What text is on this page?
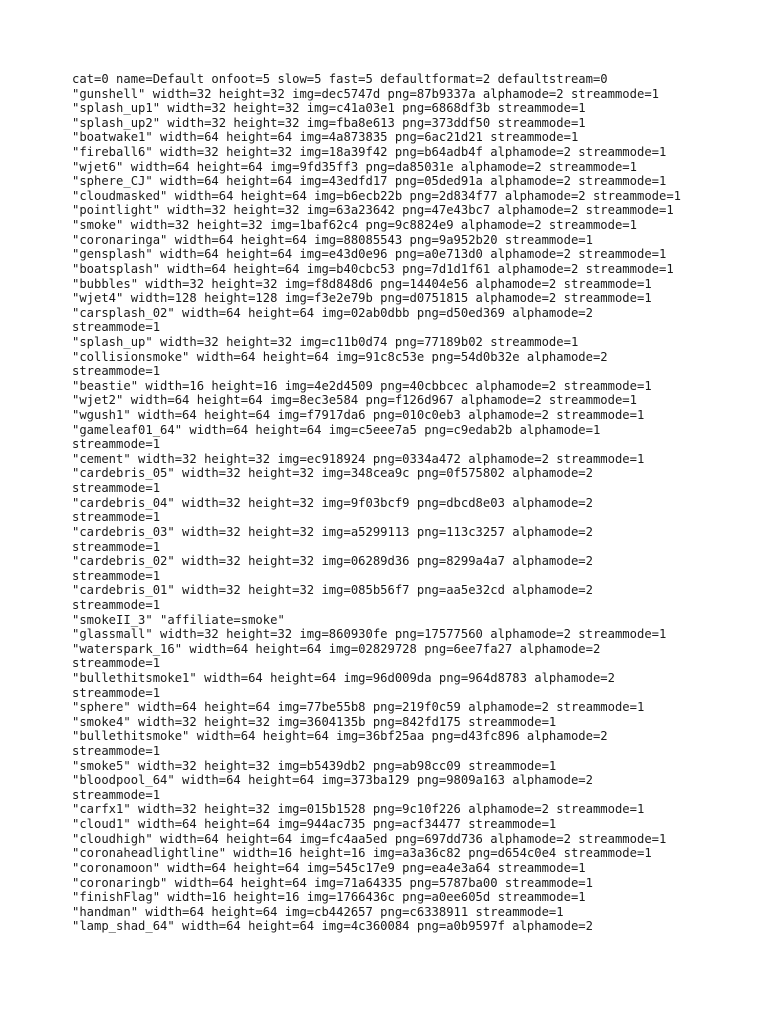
cat=0 name=Default onfoot=5 slow=5 fast=5 defaultformat=2 defaultstream=0
"gunshell" width=32 height=32 img=dec5747d png=87b9337a alphamode=2 streammode=1
"splash_up1" width=32 height=32 img=c41a03e1 png=6868df3b streammode=1
"splash_up2" width=32 height=32 img=fba8e613 png=373ddf50 streammode=1
"boatwake1" width=64 height=64 img=4a873835 png=6ac21d21 streammode=1
"fireball6" width=32 height=32 img=18a39f42 png=b64adb4f alphamode=2 streammode=1
"wjet6" width=64 height=64 img=9fd35ff3 png=da85031e alphamode=2 streammode=1
"sphere_CJ" width=64 height=64 img=43edfd17 png=05ded91a alphamode=2 streammode=1
"cloudmasked" width=64 height=64 img=b6ecb22b png=2d834f77 alphamode=2 streammode=1
"pointlight" width=32 height=32 img=63a23642 png=47e43bc7 alphamode=2 streammode=1
"smoke" width=32 height=32 img=1baf62c4 png=9c8824e9 alphamode=2 streammode=1
"coronaringa" width=64 height=64 img=88085543 png=9a952b20 streammode=1
"gensplash" width=64 height=64 img=e43d0e96 png=a0e713d0 alphamode=2 streammode=1
"boatsplash" width=64 height=64 img=b40cbc53 png=7d1d1f61 alphamode=2 streammode=1
"bubbles" width=32 height=32 img=f8d848d6 png=14404e56 alphamode=2 streammode=1
"wjet4" width=128 height=128 img=f3e2e79b png=d0751815 alphamode=2 streammode=1
"carsplash_02" width=64 height=64 img=02ab0dbb png=d50ed369 alphamode=2
streammode=1
"splash_up" width=32 height=32 img=c11b0d74 png=77189b02 streammode=1
"collisionsmoke" width=64 height=64 img=91c8c53e png=54d0b32e alphamode=2
streammode=1
"beastie" width=16 height=16 img=4e2d4509 png=40cbbcec alphamode=2 streammode=1
"wjet2" width=64 height=64 img=8ec3e584 png=f126d967 alphamode=2 streammode=1
"wgush1" width=64 height=64 img=f7917da6 png=010c0eb3 alphamode=2 streammode=1
"gameleaf01_64" width=64 height=64 img=c5eee7a5 png=c9edab2b alphamode=1
streammode=1
"cement" width=32 height=32 img=ec918924 png=0334a472 alphamode=2 streammode=1
"cardebris_05" width=32 height=32 img=348cea9c png=0f575802 alphamode=2
streammode=1
"cardebris_04" width=32 height=32 img=9f03bcf9 png=dbcd8e03 alphamode=2
streammode=1
"cardebris_03" width=32 height=32 img=a5299113 png=113c3257 alphamode=2
streammode=1
"cardebris_02" width=32 height=32 img=06289d36 png=8299a4a7 alphamode=2
streammode=1
"cardebris_01" width=32 height=32 img=085b56f7 png=aa5e32cd alphamode=2
streammode=1
"smokeII_3" "affiliate=smoke"
"glassmall" width=32 height=32 img=860930fe png=17577560 alphamode=2 streammode=1
"waterspark_16" width=64 height=64 img=02829728 png=6ee7fa27 alphamode=2
streammode=1
"bullethitsmoke1" width=64 height=64 img=96d009da png=964d8783 alphamode=2
streammode=1
"sphere" width=64 height=64 img=77be55b8 png=219f0c59 alphamode=2 streammode=1
"smoke4" width=32 height=32 img=3604135b png=842fd175 streammode=1
"bullethitsmoke" width=64 height=64 img=36bf25aa png=d43fc896 alphamode=2
streammode=1
"smoke5" width=32 height=32 img=b5439db2 png=ab98cc09 streammode=1
"bloodpool_64" width=64 height=64 img=373ba129 png=9809a163 alphamode=2
streammode=1
"carfx1" width=32 height=32 img=015b1528 png=9c10f226 alphamode=2 streammode=1
"cloud1" width=64 height=64 img=944ac735 png=acf34477 streammode=1
"cloudhigh" width=64 height=64 img=fc4aa5ed png=697dd736 alphamode=2 streammode=1
"coronaheadlightline" width=16 height=16 img=a3a36c82 png=d654c0e4 streammode=1
"coronamoon" width=64 height=64 img=545c17e9 png=ea4e3a64 streammode=1
"coronaringb" width=64 height=64 img=71a64335 png=5787ba00 streammode=1
"finishFlag" width=16 height=16 img=1766436c png=a0ee605d streammode=1
"handman" width=64 height=64 img=cb442657 png=c6338911 streammode=1
"lamp_shad_64" width=64 height=64 img=4c360084 png=a0b9597f alphamode=2
